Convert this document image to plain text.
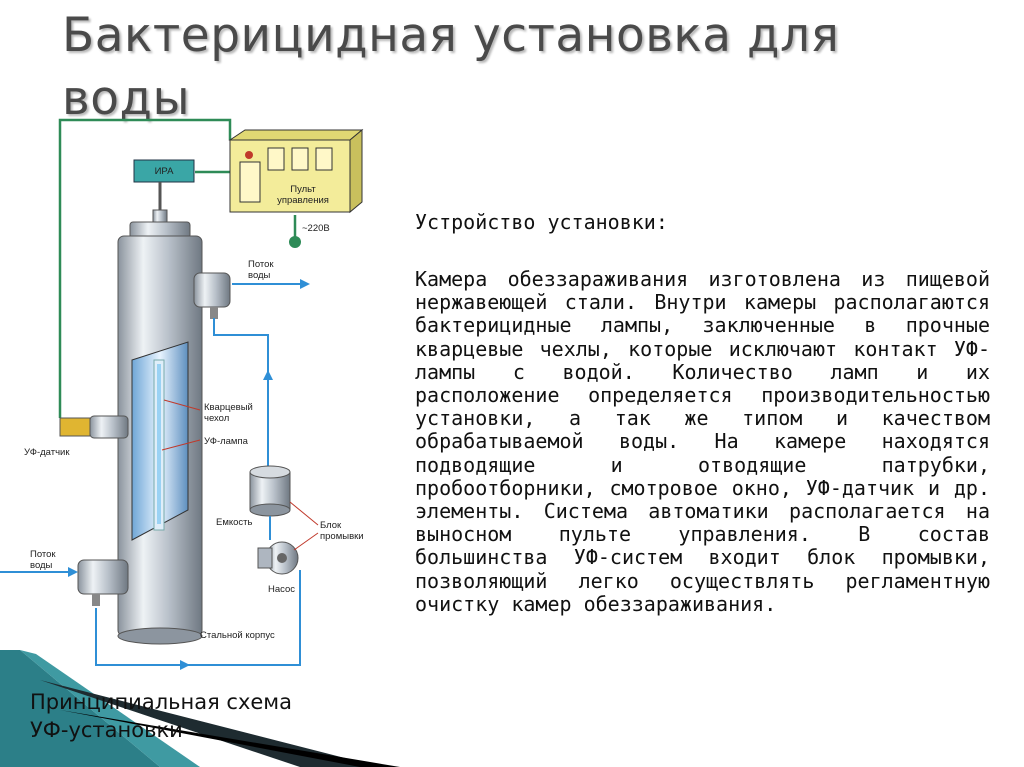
Бактерицидная установка для воды
Пульт
управления
~220В
ИРА
Поток
воды
Кварцевый
чехол
УФ-лампа
УФ-датчик
Поток
воды
Емкость	Блок
промывки
Насос
Стальной корпус
Устройство установки:

Камера обеззараживания изготовлена из пищевой нержавеющей стали. Внутри камеры располагаются бактерицидные лампы, заключенные в прочные кварцевые чехлы, которые исключают контакт УФ-лампы с водой. Количество ламп и их расположение определяется производительностью установки, а так же типом и качеством обрабатываемой воды. На камере находятся подводящие и отводящие патрубки, пробоотборники, смотровое окно, УФ-датчик и др. элементы. Система автоматики располагается на выносном пульте управления. В состав большинства УФ-систем входит блок промывки, позволяющий легко осуществлять регламентную очистку камер обеззараживания.

Принципиальная схема
УФ-установки
